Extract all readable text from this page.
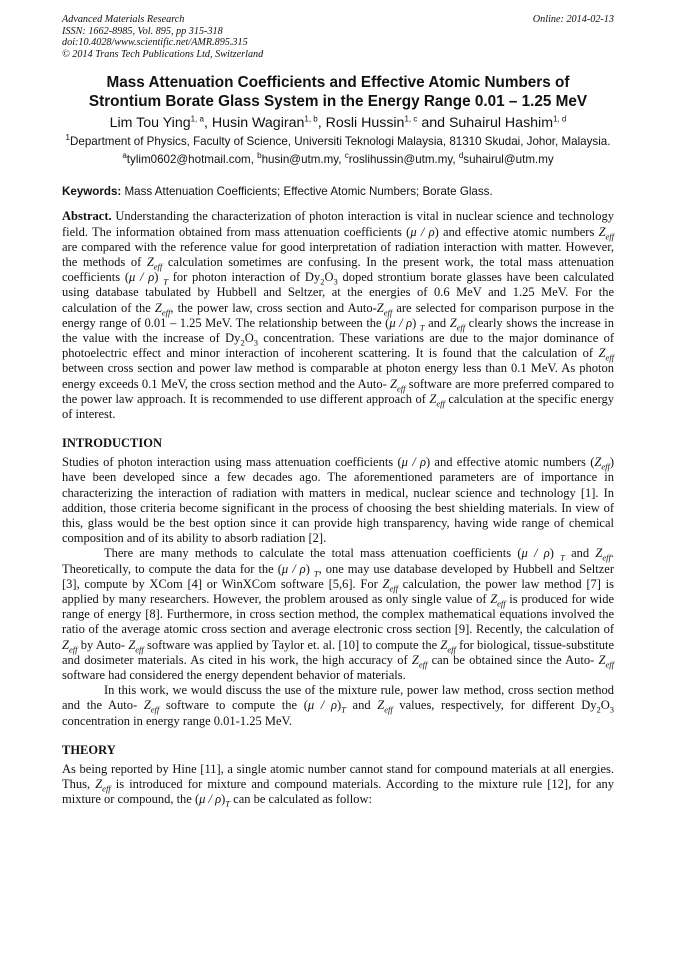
Advanced Materials Research
ISSN: 1662-8985, Vol. 895, pp 315-318
doi:10.4028/www.scientific.net/AMR.895.315
© 2014 Trans Tech Publications Ltd, Switzerland
Online: 2014-02-13
Mass Attenuation Coefficients and Effective Atomic Numbers of
Strontium Borate Glass System in the Energy Range 0.01 – 1.25 MeV
Lim Tou Ying$^{1, a}$, Husin Wagiran$^{1, b}$, Rosli Hussin$^{1, c}$ and Suhairul Hashim$^{1, d}$
$^1$Department of Physics, Faculty of Science, Universiti Teknologi Malaysia, 81310 Skudai, Johor, Malaysia.
$^a$tylim0602@hotmail.com, $^b$husin@utm.my, $^c$roslihussin@utm.my, $^d$suhairul@utm.my
Keywords: Mass Attenuation Coefficients; Effective Atomic Numbers; Borate Glass.

Abstract. Understanding the characterization of photon interaction is vital in nuclear science and technology field. The information obtained from mass attenuation coefficients (μ / ρ) and effective atomic numbers $Z_{eff}$ are compared with the reference value for good interpretation of radiation interaction with matter. However, the methods of $Z_{eff}$ calculation sometimes are confusing. In the present work, the total mass attenuation coefficients (μ / ρ) $_T$ for photon interaction of $Dy_2O_3$ doped strontium borate glasses have been calculated using database tabulated by Hubbell and Seltzer, at the energies of 0.6 MeV and 1.25 MeV. For the calculation of the $Z_{eff}$, the power law, cross section and Auto-$Z_{eff}$ are selected for comparison purpose in the energy range of 0.01 – 1.25 MeV. The relationship between the (μ / ρ) $_T$ and $Z_{eff}$ clearly shows the increase in the value with the increase of $Dy_2O_3$ concentration. These variations are due to the major dominance of photoelectric effect and minor interaction of incoherent scattering. It is found that the calculation of $Z_{eff}$ between cross section and power law method is comparable at photon energy less than 0.1 MeV. As photon energy exceeds 0.1 MeV, the cross section method and the Auto- $Z_{eff}$ software are more preferred compared to the power law approach. It is recommended to use different approach of $Z_{eff}$ calculation at the specific energy of interest.

INTRODUCTION

Studies of photon interaction using mass attenuation coefficients (μ / ρ) and effective atomic numbers $(Z_{eff})$ have been developed since a few decades ago. The aforementioned parameters are of importance in characterizing the interaction of radiation with matters in medical, nuclear science and technology [1]. In addition, those criteria become significant in the process of choosing the best shielding materials. In view of this, glass would be the best option since it can provide high transparency, having wide range of chemical composition and of its ability to absorb radiation [2].

There are many methods to calculate the total mass attenuation coefficients (μ / ρ) $_T$ and $Z_{eff}$. Theoretically, to compute the data for the (μ / ρ) $_T$, one may use database developed by Hubbell and Seltzer [3], compute by XCom [4] or WinXCom software [5,6]. For $Z_{eff}$ calculation, the power law method [7] is applied by many researchers. However, the problem aroused as only single value of $Z_{eff}$ is produced for wide range of energy [8]. Furthermore, in cross section method, the complex mathematical equations involved the ratio of the average atomic cross section and average electronic cross section [9]. Recently, the calculation of $Z_{eff}$ by Auto- $Z_{eff}$ software was applied by Taylor et. al. [10] to compute the $Z_{eff}$ for biological, tissue-substitute and dosimeter materials. As cited in his work, the high accuracy of $Z_{eff}$ can be obtained since the Auto- $Z_{eff}$ software had considered the energy dependent behavior of materials.

In this work, we would discuss the use of the mixture rule, power law method, cross section method and the Auto- $Z_{eff}$ software to compute the $(\mu / \rho)_T$ and $Z_{eff}$ values, respectively, for different $Dy_2O_3$ concentration in energy range 0.01-1.25 MeV.

THEORY

As being reported by Hine [11], a single atomic number cannot stand for compound materials at all energies. Thus, $Z_{eff}$ is introduced for mixture and compound materials. According to the mixture rule [12], for any mixture or compound, the $(\mu / \rho)_T$ can be calculated as follow:
